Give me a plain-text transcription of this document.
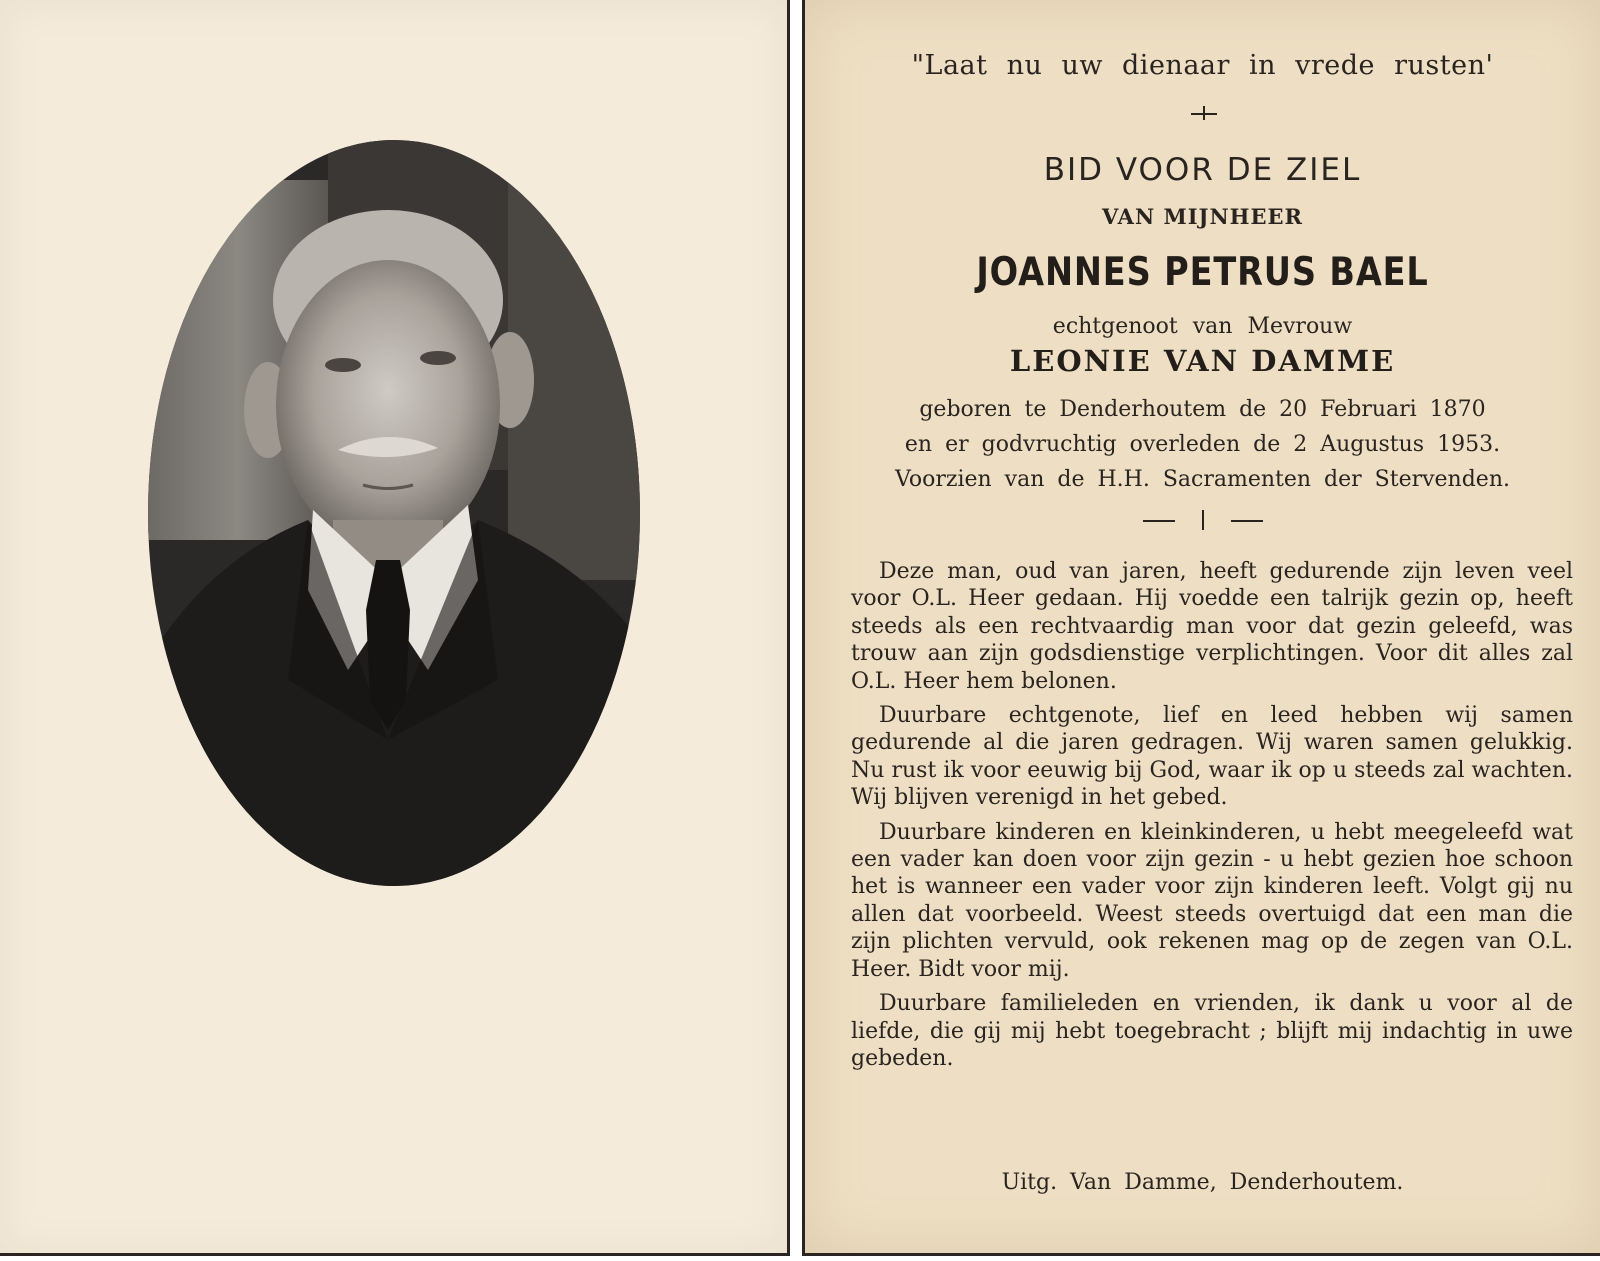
"Laat nu uw dienaar in vrede rusten'
BID VOOR DE ZIEL
VAN MIJNHEER
JOANNES PETRUS BAEL
echtgenoot van Mevrouw
LEONIE VAN DAMME
geboren te Denderhoutem de 20 Februari 1870
en er godvruchtig overleden de 2 Augustus 1953.
Voorzien van de H.H. Sacramenten der Stervenden.

Deze man, oud van jaren, heeft gedurende zijn leven veel voor O.L. Heer gedaan. Hij voedde een talrijk gezin op, heeft steeds als een rechtvaardig man voor dat gezin geleefd, was trouw aan zijn godsdienstige verplichtingen. Voor dit alles zal O.L. Heer hem belonen.

Duurbare echtgenote, lief en leed hebben wij samen gedurende al die jaren gedragen. Wij waren samen gelukkig. Nu rust ik voor eeuwig bij God, waar ik op u steeds zal wachten. Wij blijven verenigd in het gebed.

Duurbare kinderen en kleinkinderen, u hebt meegeleefd wat een vader kan doen voor zijn gezin - u hebt gezien hoe schoon het is wanneer een vader voor zijn kinderen leeft. Volgt gij nu allen dat voorbeeld. Weest steeds overtuigd dat een man die zijn plichten vervuld, ook rekenen mag op de zegen van O.L. Heer. Bidt voor mij.

Duurbare familieleden en vrienden, ik dank u voor al de liefde, die gij mij hebt toegebracht ; blijft mij indachtig in uwe gebeden.

Uitg. Van Damme, Denderhoutem.
